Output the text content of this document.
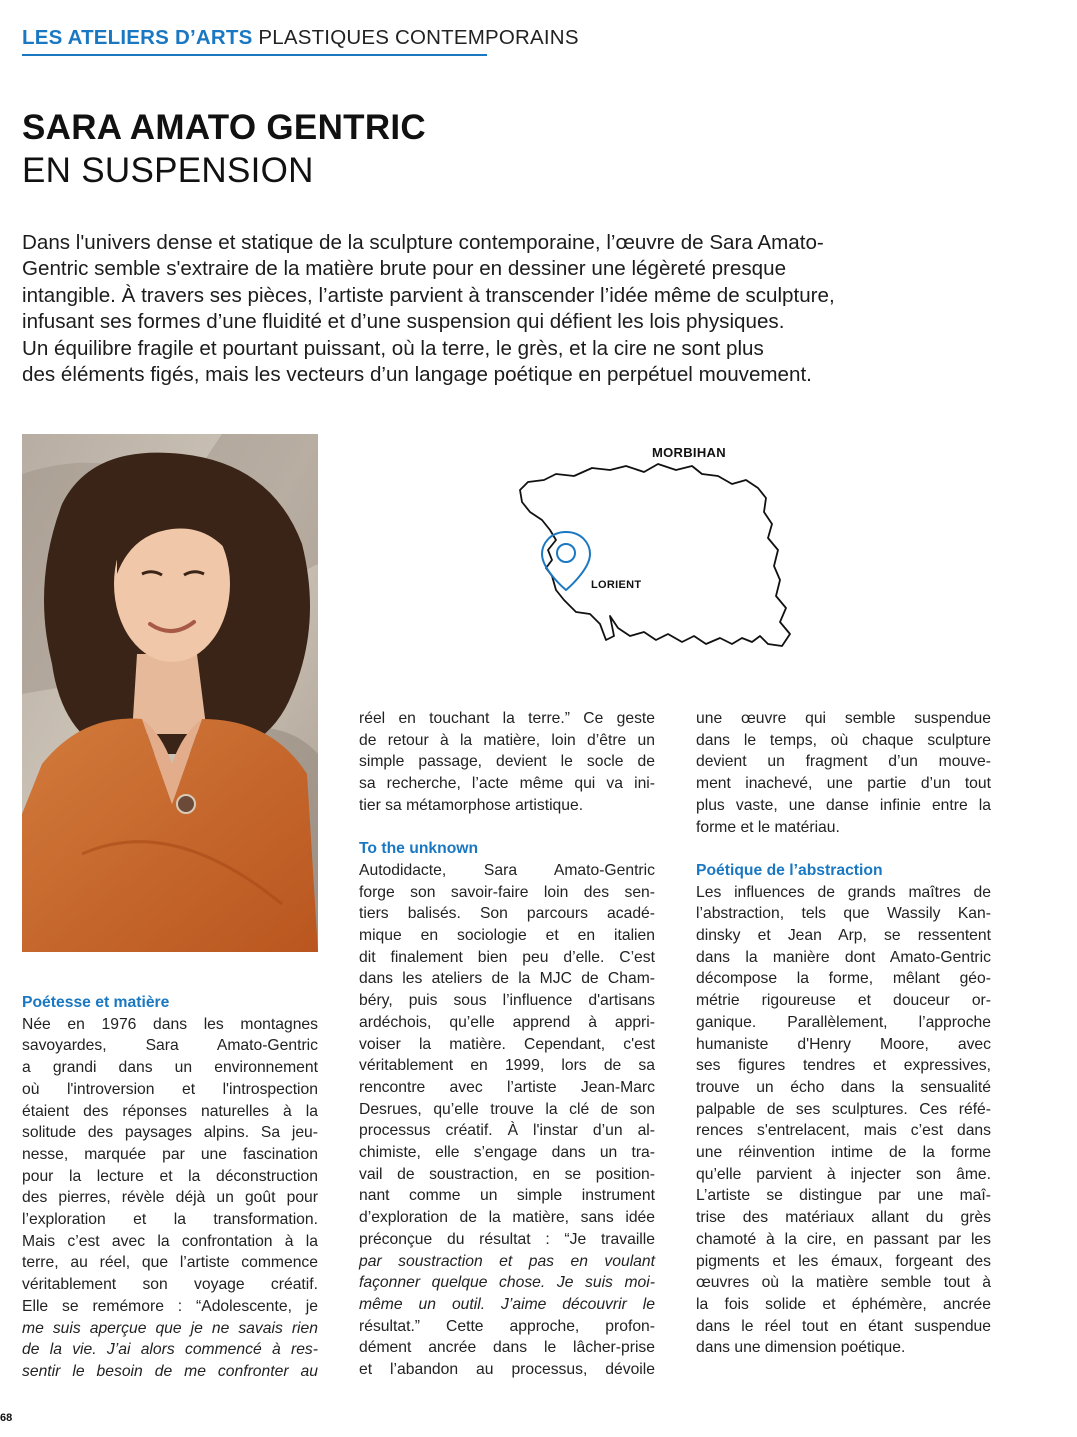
LES ATELIERS D’ARTS PLASTIQUES CONTEMPORAINS
SARA AMATO GENTRIC
EN SUSPENSION
Dans l'univers dense et statique de la sculpture contemporaine, l’œuvre de Sara Amato-
Gentric semble s'extraire de la matière brute pour en dessiner une légèreté presque
intangible. À travers ses pièces, l’artiste parvient à transcender l’idée même de sculpture,
infusant ses formes d’une fluidité et d’une suspension qui défient les lois physiques.
Un équilibre fragile et pourtant puissant, où la terre, le grès, et la cire ne sont plus
des éléments figés, mais les vecteurs d’un langage poétique en perpétuel mouvement.
MORBIHAN
LORIENT
Poétesse et matière
Née en 1976 dans les montagnes
savoyardes, Sara Amato-Gentric
a grandi dans un environnement
où l'introversion et l'introspection
étaient des réponses naturelles à la
solitude des paysages alpins. Sa jeu-
nesse, marquée par une fascination
pour la lecture et la déconstruction
des pierres, révèle déjà un goût pour
l’exploration et la transformation.
Mais c’est avec la confrontation à la
terre, au réel, que l’artiste commence
véritablement son voyage créatif.
Elle se remémore : “Adolescente, je
me suis aperçue que je ne savais rien
de la vie. J’ai alors commencé à res-
sentir le besoin de me confronter au
réel en touchant la terre.” Ce geste
de retour à la matière, loin d’être un
simple passage, devient le socle de
sa recherche, l’acte même qui va ini-
tier sa métamorphose artistique.
To the unknown
Autodidacte, Sara Amato-Gentric
forge son savoir-faire loin des sen-
tiers balisés. Son parcours acadé-
mique en sociologie et en italien
dit finalement bien peu d’elle. C’est
dans les ateliers de la MJC de Cham-
béry, puis sous l’influence d'artisans
ardéchois, qu’elle apprend à appri-
voiser la matière. Cependant, c'est
véritablement en 1999, lors de sa
rencontre avec l’artiste Jean-Marc
Desrues, qu’elle trouve la clé de son
processus créatif. À l'instar d’un al-
chimiste, elle s’engage dans un tra-
vail de soustraction, en se position-
nant comme un simple instrument
d’exploration de la matière, sans idée
préconçue du résultat : “Je travaille
par soustraction et pas en voulant
façonner quelque chose. Je suis moi-
même un outil. J’aime découvrir le
résultat.” Cette approche, profon-
dément ancrée dans le lâcher-prise
et l’abandon au processus, dévoile
une œuvre qui semble suspendue
dans le temps, où chaque sculpture
devient un fragment d’un mouve-
ment inachevé, une partie d’un tout
plus vaste, une danse infinie entre la
forme et le matériau.
Poétique de l’abstraction
Les influences de grands maîtres de
l’abstraction, tels que Wassily Kan-
dinsky et Jean Arp, se ressentent
dans la manière dont Amato-Gentric
décompose la forme, mêlant géo-
métrie rigoureuse et douceur or-
ganique. Parallèlement, l’approche
humaniste d'Henry Moore, avec
ses figures tendres et expressives,
trouve un écho dans la sensualité
palpable de ses sculptures. Ces réfé-
rences s'entrelacent, mais c’est dans
une réinvention intime de la forme
qu’elle parvient à injecter son âme.
L’artiste se distingue par une maî-
trise des matériaux allant du grès
chamoté à la cire, en passant par les
pigments et les émaux, forgeant des
œuvres où la matière semble tout à
la fois solide et éphémère, ancrée
dans le réel tout en étant suspendue
dans une dimension poétique.
68
